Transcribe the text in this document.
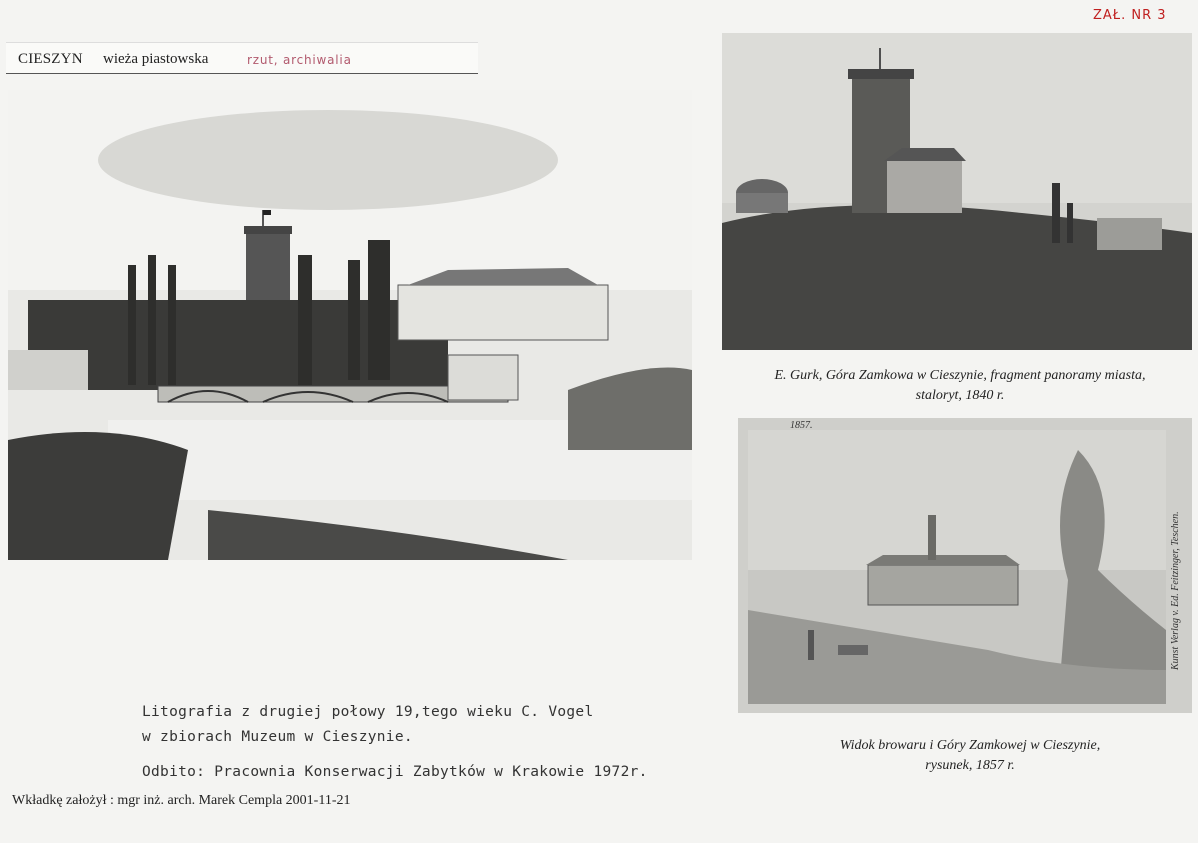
CIESZYN wieża piastowska	rzut, archiwalia
ZAŁ. NR 3
E. Gurk, Góra Zamkowa w Cieszynie, fragment panoramy miasta,
staloryt, 1840 r.
1857.
Kunst Verlag v. Ed. Feitzinger, Teschen.
Widok browaru i Góry Zamkowej w Cieszynie,
rysunek, 1857 r.
Litografia z drugiej połowy 19,tego wieku C. Vogel
w zbiorach Muzeum w Cieszynie.
Odbito: Pracownia Konserwacji Zabytków w Krakowie 1972r.
Wkładkę założył : mgr inż. arch. Marek Cempla 2001-11-21
